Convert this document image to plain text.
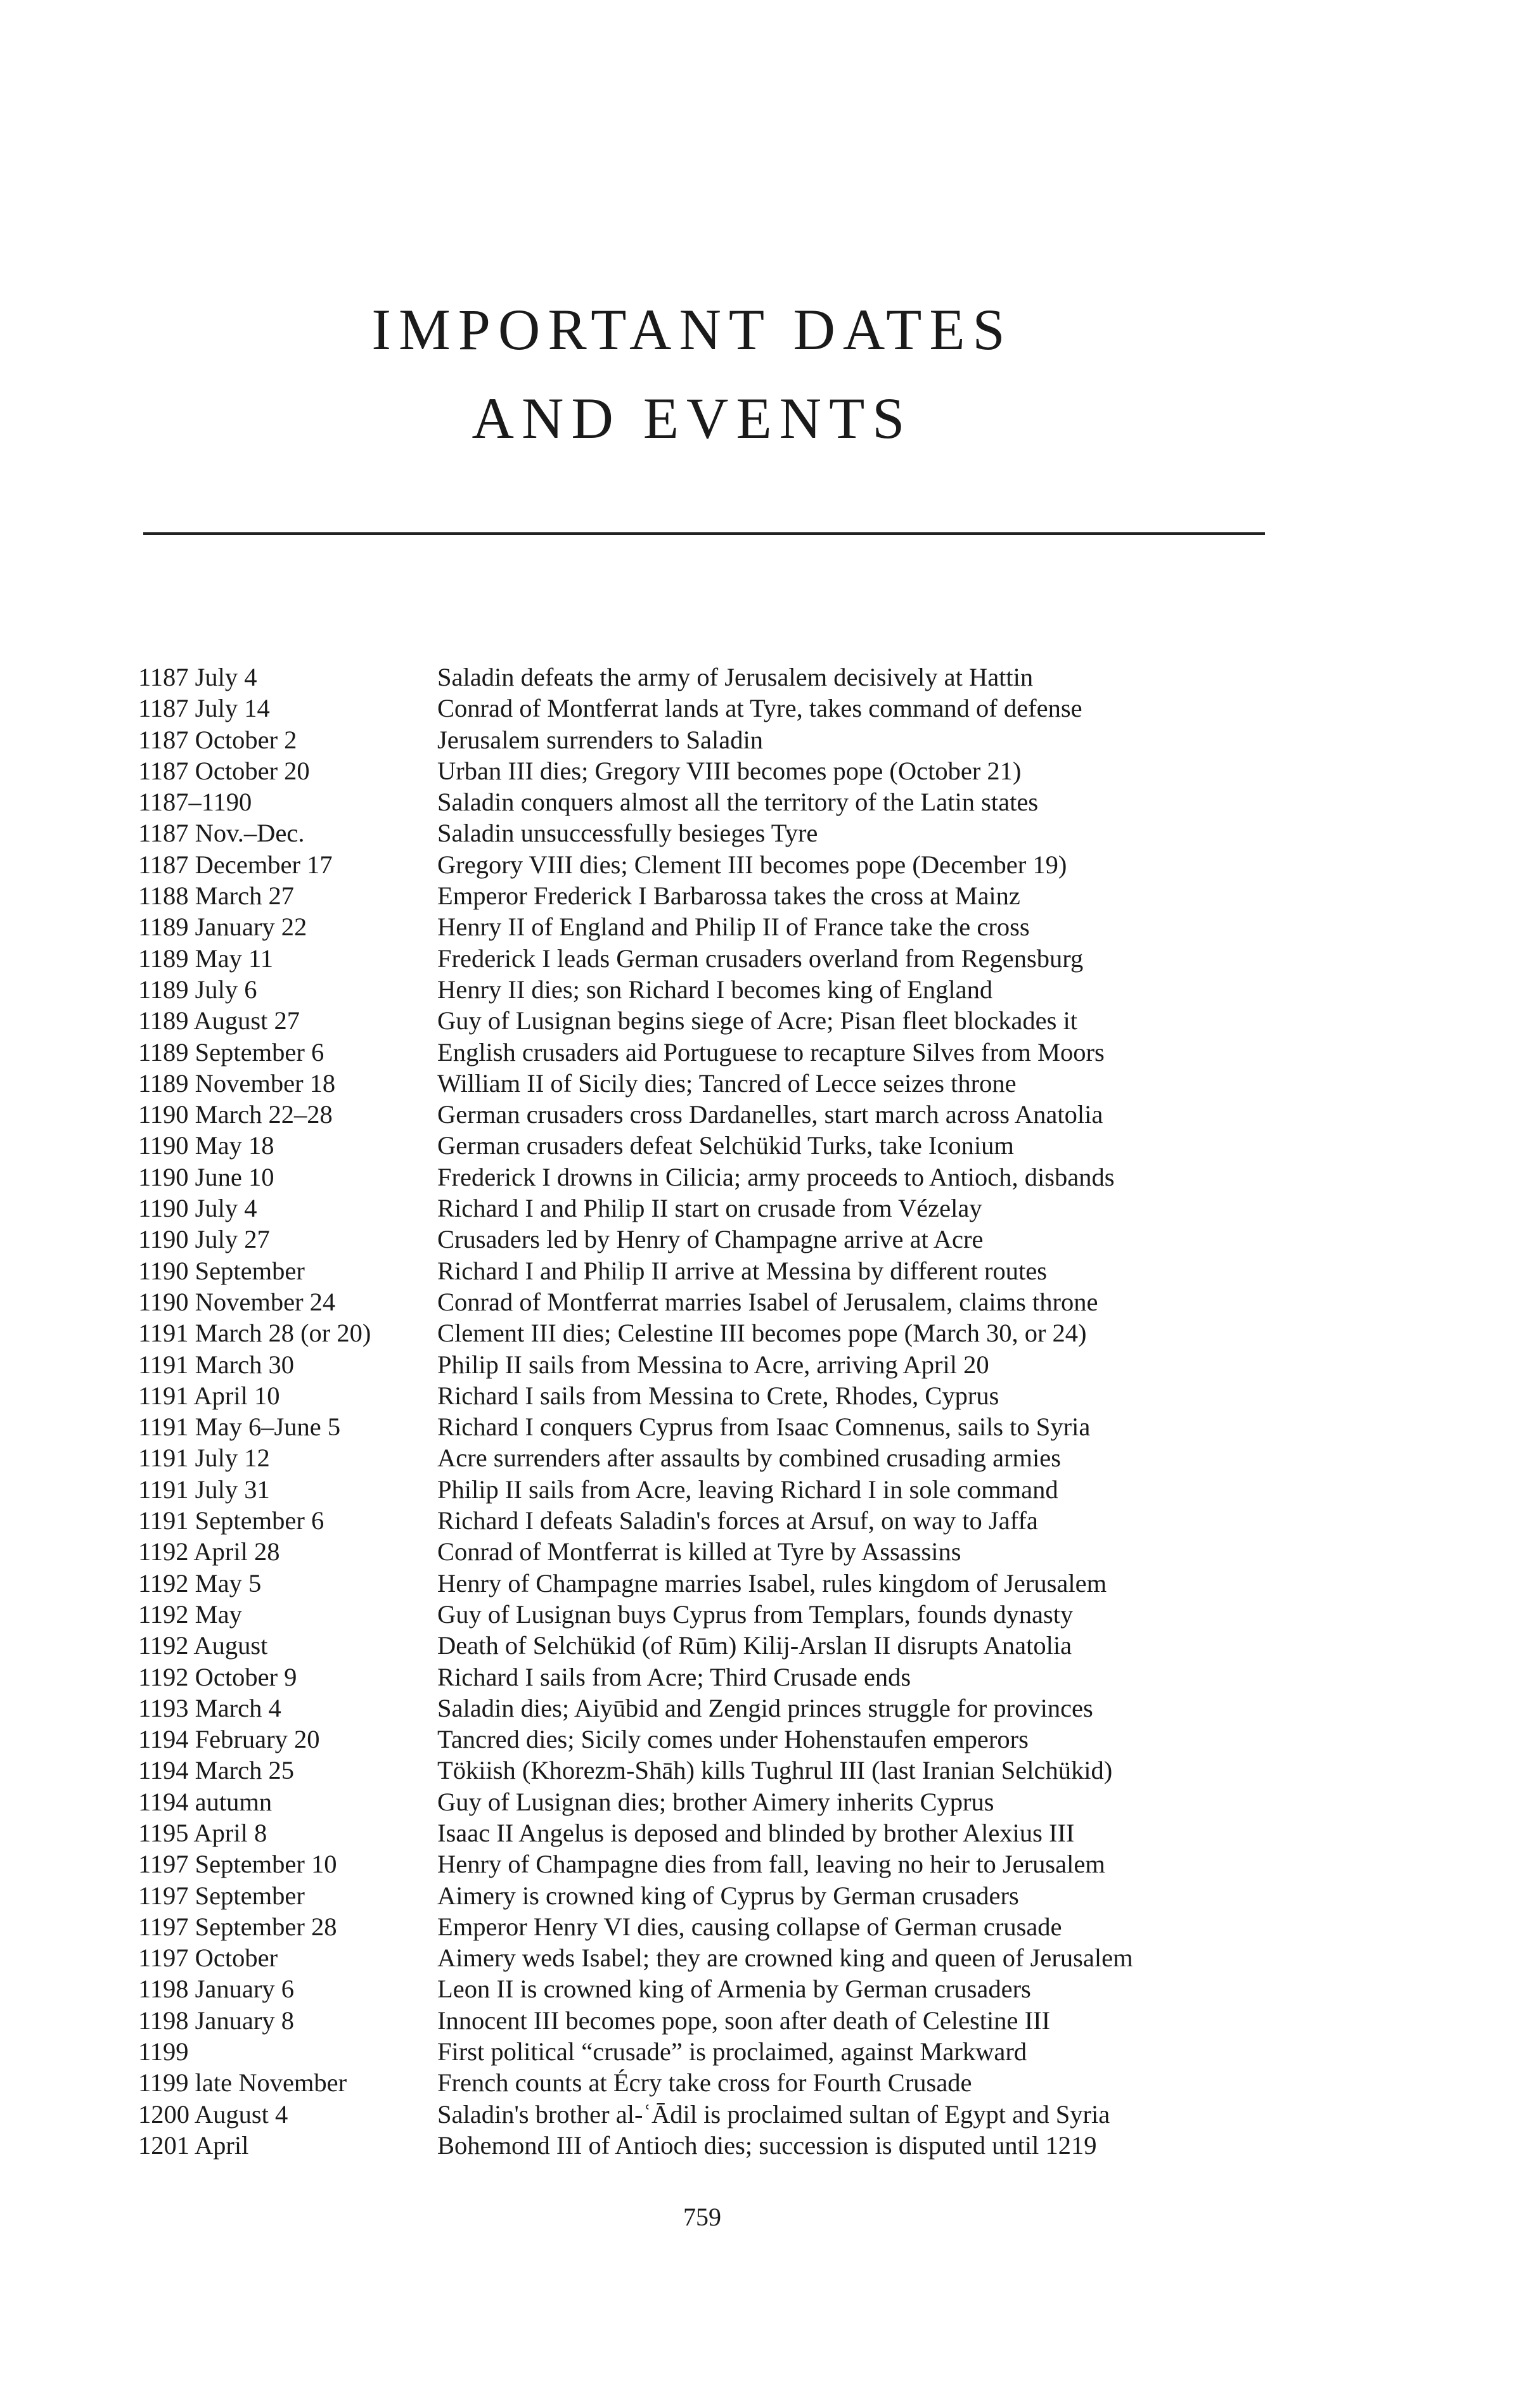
IMPORTANT DATES
AND EVENTS
1187 July 4	Saladin defeats the army of Jerusalem decisively at Hattin
1187 July 14	Conrad of Montferrat lands at Tyre, takes command of defense
1187 October 2	Jerusalem surrenders to Saladin
1187 October 20	Urban III dies; Gregory VIII becomes pope (October 21)
1187–1190	Saladin conquers almost all the territory of the Latin states
1187 Nov.–Dec.	Saladin unsuccessfully besieges Tyre
1187 December 17	Gregory VIII dies; Clement III becomes pope (December 19)
1188 March 27	Emperor Frederick I Barbarossa takes the cross at Mainz
1189 January 22	Henry II of England and Philip II of France take the cross
1189 May 11	Frederick I leads German crusaders overland from Regensburg
1189 July 6	Henry II dies; son Richard I becomes king of England
1189 August 27	Guy of Lusignan begins siege of Acre; Pisan fleet blockades it
1189 September 6	English crusaders aid Portuguese to recapture Silves from Moors
1189 November 18	William II of Sicily dies; Tancred of Lecce seizes throne
1190 March 22–28	German crusaders cross Dardanelles, start march across Anatolia
1190 May 18	German crusaders defeat Selchükid Turks, take Iconium
1190 June 10	Frederick I drowns in Cilicia; army proceeds to Antioch, disbands
1190 July 4	Richard I and Philip II start on crusade from Vézelay
1190 July 27	Crusaders led by Henry of Champagne arrive at Acre
1190 September	Richard I and Philip II arrive at Messina by different routes
1190 November 24	Conrad of Montferrat marries Isabel of Jerusalem, claims throne
1191 March 28 (or 20)	Clement III dies; Celestine III becomes pope (March 30, or 24)
1191 March 30	Philip II sails from Messina to Acre, arriving April 20
1191 April 10	Richard I sails from Messina to Crete, Rhodes, Cyprus
1191 May 6–June 5	Richard I conquers Cyprus from Isaac Comnenus, sails to Syria
1191 July 12	Acre surrenders after assaults by combined crusading armies
1191 July 31	Philip II sails from Acre, leaving Richard I in sole command
1191 September 6	Richard I defeats Saladin's forces at Arsuf, on way to Jaffa
1192 April 28	Conrad of Montferrat is killed at Tyre by Assassins
1192 May 5	Henry of Champagne marries Isabel, rules kingdom of Jerusalem
1192 May	Guy of Lusignan buys Cyprus from Templars, founds dynasty
1192 August	Death of Selchükid (of Rūm) Kilij-Arslan II disrupts Anatolia
1192 October 9	Richard I sails from Acre; Third Crusade ends
1193 March 4	Saladin dies; Aiyūbid and Zengid princes struggle for provinces
1194 February 20	Tancred dies; Sicily comes under Hohenstaufen emperors
1194 March 25	Tökiish (Khorezm-Shāh) kills Tughrul III (last Iranian Selchükid)
1194 autumn	Guy of Lusignan dies; brother Aimery inherits Cyprus
1195 April 8	Isaac II Angelus is deposed and blinded by brother Alexius III
1197 September 10	Henry of Champagne dies from fall, leaving no heir to Jerusalem
1197 September	Aimery is crowned king of Cyprus by German crusaders
1197 September 28	Emperor Henry VI dies, causing collapse of German crusade
1197 October	Aimery weds Isabel; they are crowned king and queen of Jerusalem
1198 January 6	Leon II is crowned king of Armenia by German crusaders
1198 January 8	Innocent III becomes pope, soon after death of Celestine III
1199	First political “crusade” is proclaimed, against Markward
1199 late November	French counts at Écry take cross for Fourth Crusade
1200 August 4	Saladin's brother al-ʿĀdil is proclaimed sultan of Egypt and Syria
1201 April	Bohemond III of Antioch dies; succession is disputed until 1219
759
